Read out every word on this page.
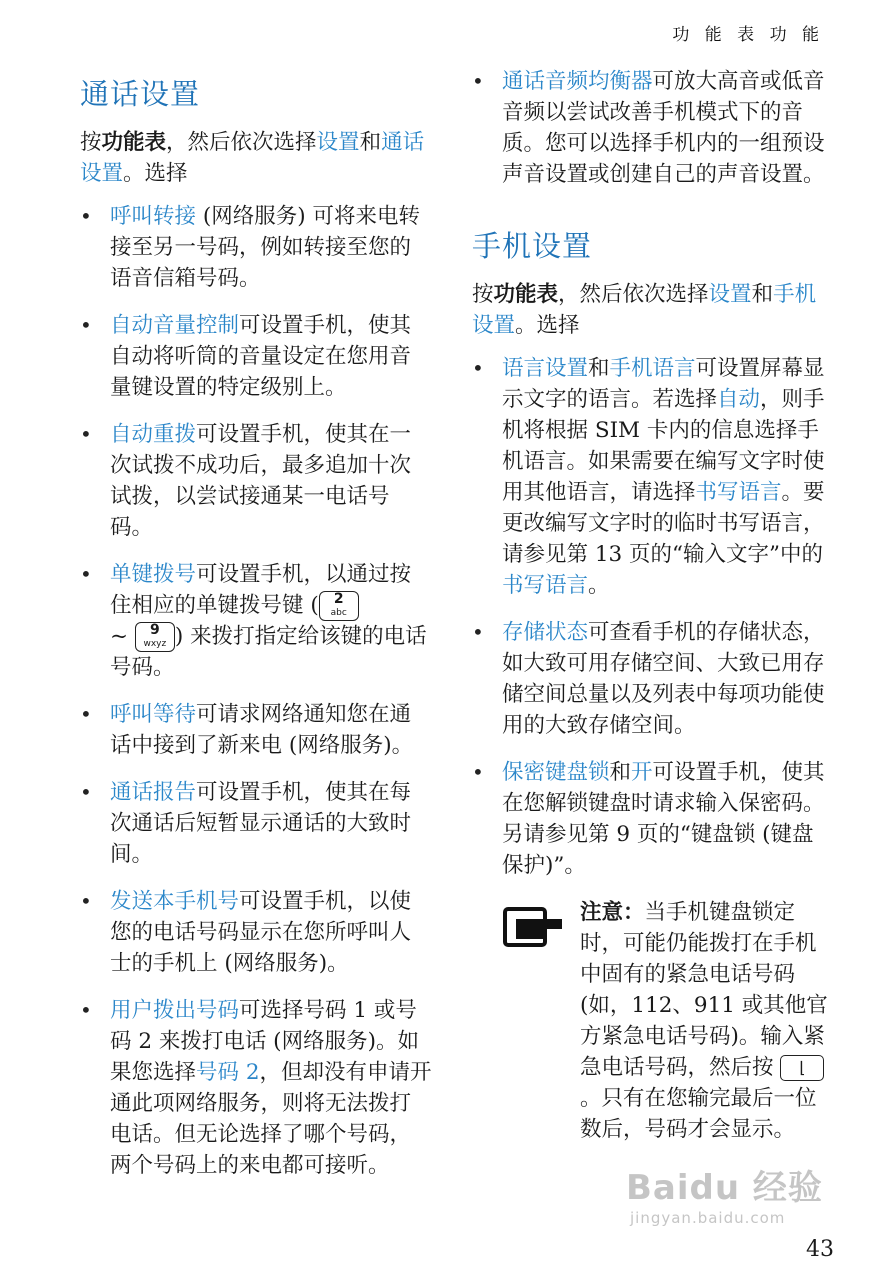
功 能 表 功 能
通话设置

按功能表，然后依次选择设置和通话设置。选择

• 呼叫转接 (网络服务) 可将来电转接至另一号码，例如转接至您的语音信箱号码。
• 自动音量控制可设置手机，使其自动将听筒的音量设定在您用音量键设置的特定级别上。
• 自动重拨可设置手机，使其在一次试拨不成功后，最多追加十次试拨，以尝试接通某一电话号码。
• 单键拨号可设置手机，以通过按住相应的单键拨号键 (	2
abc

~	9
wxyz ) 来拨打指定给该键的电话号码。
• 呼叫等待可请求网络通知您在通话中接到了新来电 (网络服务)。
• 通话报告可设置手机，使其在每次通话后短暂显示通话的大致时间。
• 发送本手机号可设置手机，以使您的电话号码显示在您所呼叫人士的手机上 (网络服务)。
• 用户拨出号码可选择号码 1 或号码 2 来拨打电话 (网络服务)。如果您选择号码 2，但却没有申请开通此项网络服务，则将无法拨打电话。但无论选择了哪个号码，两个号码上的来电都可接听。
• 通话音频均衡器可放大高音或低音音频以尝试改善手机模式下的音质。您可以选择手机内的一组预设声音设置或创建自己的声音设置。
手机设置

按功能表，然后依次选择设置和手机设置。选择

• 语言设置和手机语言可设置屏幕显示文字的语言。若选择自动，则手机将根据 SIM 卡内的信息选择手机语言。如果需要在编写文字时使用其他语言，请选择书写语言。要更改编写文字时的临时书写语言，请参见第 13 页的“输入文字”中的书写语言。
• 存储状态可查看手机的存储状态，如大致可用存储空间、大致已用存储空间总量以及列表中每项功能使用的大致存储空间。
• 保密键盘锁和开可设置手机，使其在您解锁键盘时请求输入保密码。另请参见第 9 页的“键盘锁 (键盘保护)”。
注意：当手机键盘锁定时，可能仍能拨打在手机中固有的紧急电话号码 (如，112、911 或其他官方紧急电话号码)。输入紧急电话号码，然后按 ⌊。只有在您输完最后一位数后，号码才会显示。
Baidu 经验
jingyan.baidu.com
43
